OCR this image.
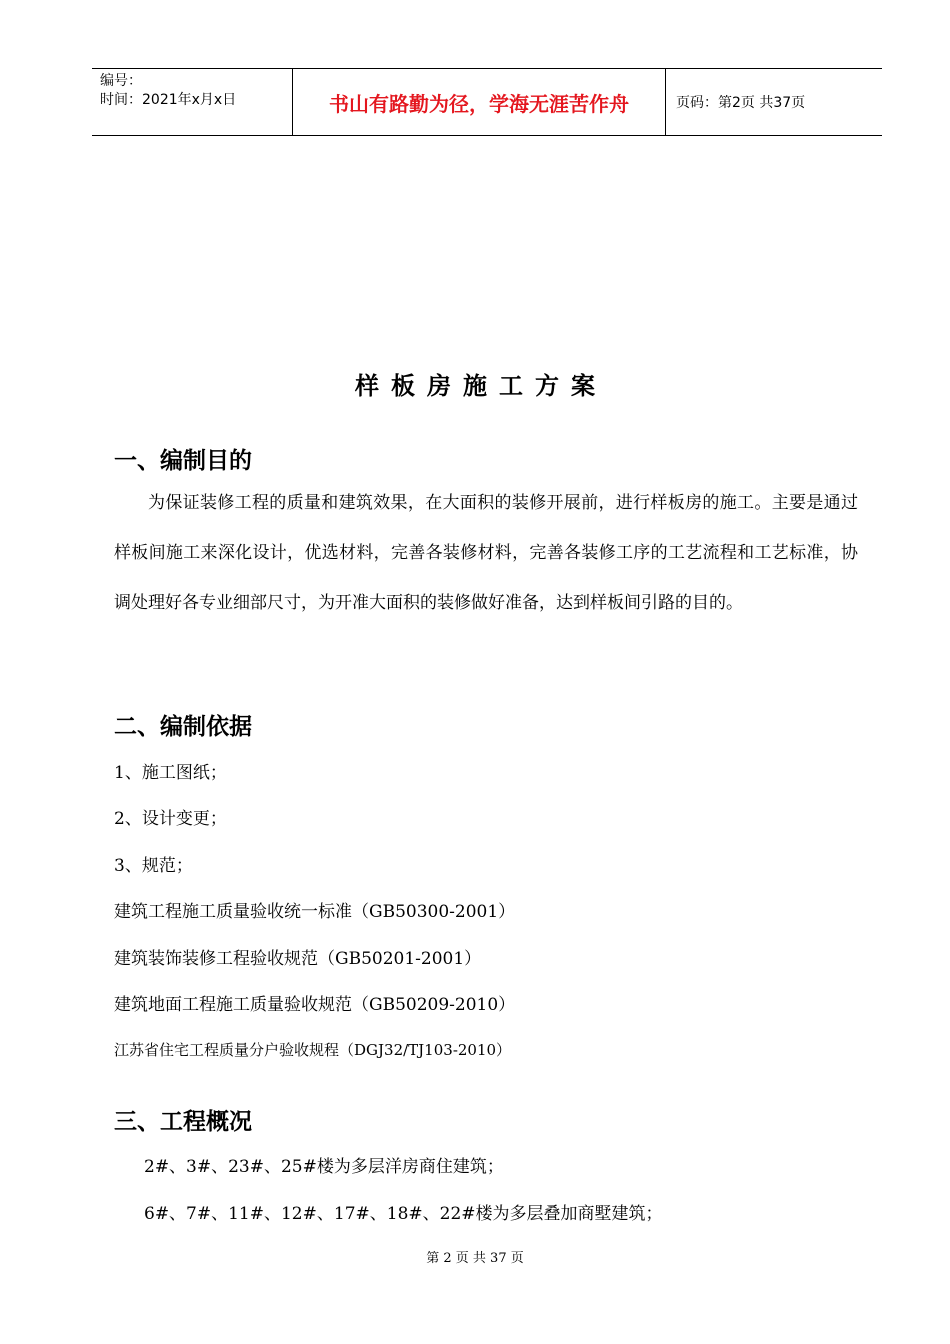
编号：
时间：2021年x月x日	书山有路勤为径，学海无涯苦作舟	页码：第2页 共37页
样板房施工方案
一、编制目的
为保证装修工程的质量和建筑效果，在大面积的装修开展前，进行样板房的施工。主要是通过样板间施工来深化设计，优选材料，完善各装修材料，完善各装修工序的工艺流程和工艺标准，协调处理好各专业细部尺寸，为开准大面积的装修做好准备，达到样板间引路的目的。
二、编制依据
1、施工图纸；
2、设计变更；
3、规范；
建筑工程施工质量验收统一标准（GB50300-2001）
建筑装饰装修工程验收规范（GB50201-2001）
建筑地面工程施工质量验收规范（GB50209-2010）
江苏省住宅工程质量分户验收规程（DGJ32/TJ103-2010）
三、工程概况
2#、3#、23#、25#楼为多层洋房商住建筑；
6#、7#、11#、12#、17#、18#、22#楼为多层叠加商墅建筑；
第 2 页 共 37 页
